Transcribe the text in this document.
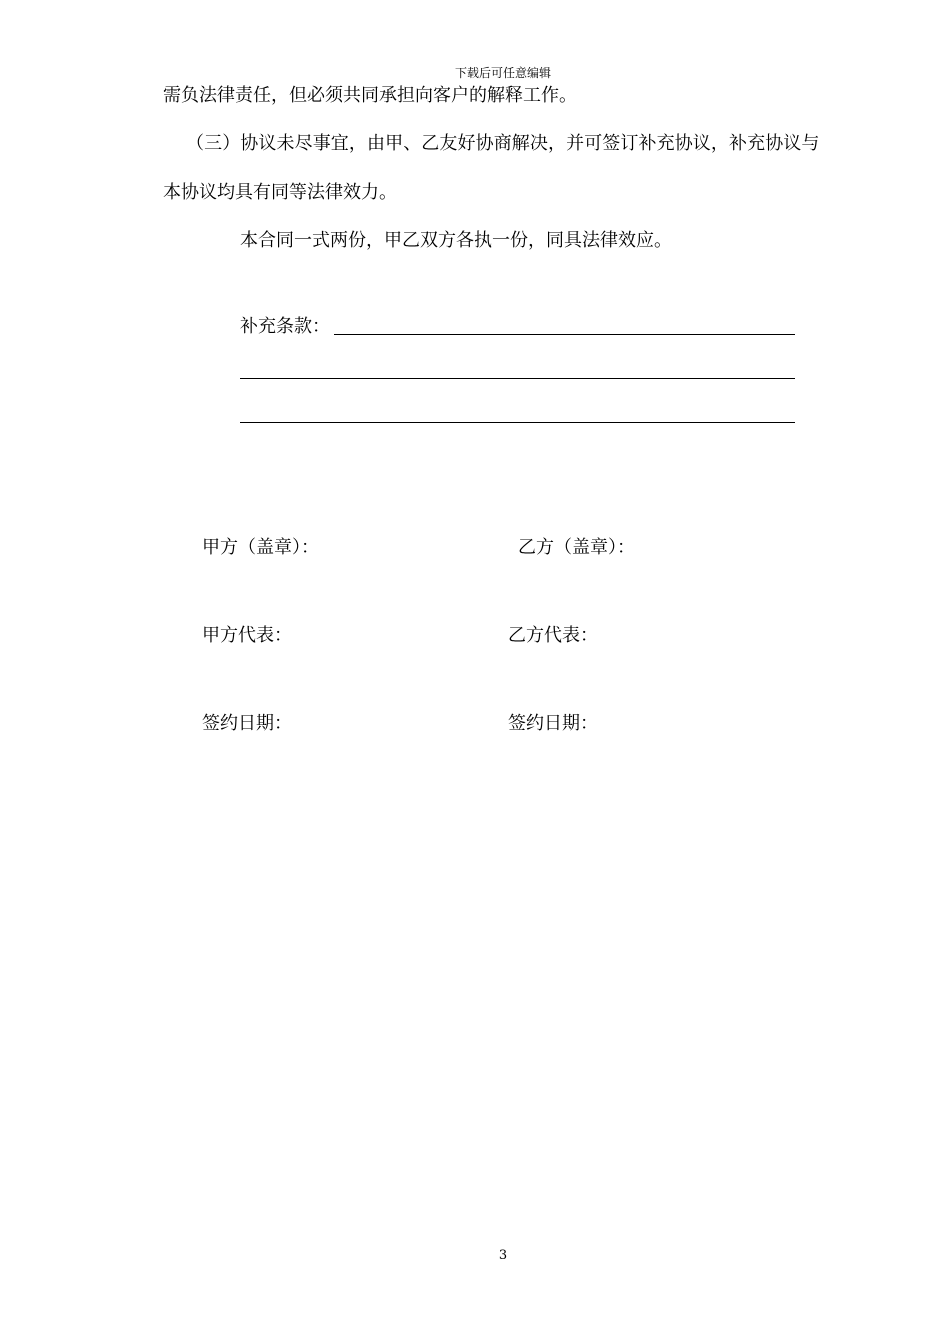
下载后可任意编辑
需负法律责任，但必须共同承担向客户的解释工作。
（三）协议未尽事宜，由甲、乙友好协商解决，并可签订补充协议，补充协议与
本协议均具有同等法律效力。
本合同一式两份，甲乙双方各执一份，同具法律效应。
补充条款：
甲方（盖章）：	乙方（盖章）：
甲方代表：	乙方代表：
签约日期：	签约日期：
3
